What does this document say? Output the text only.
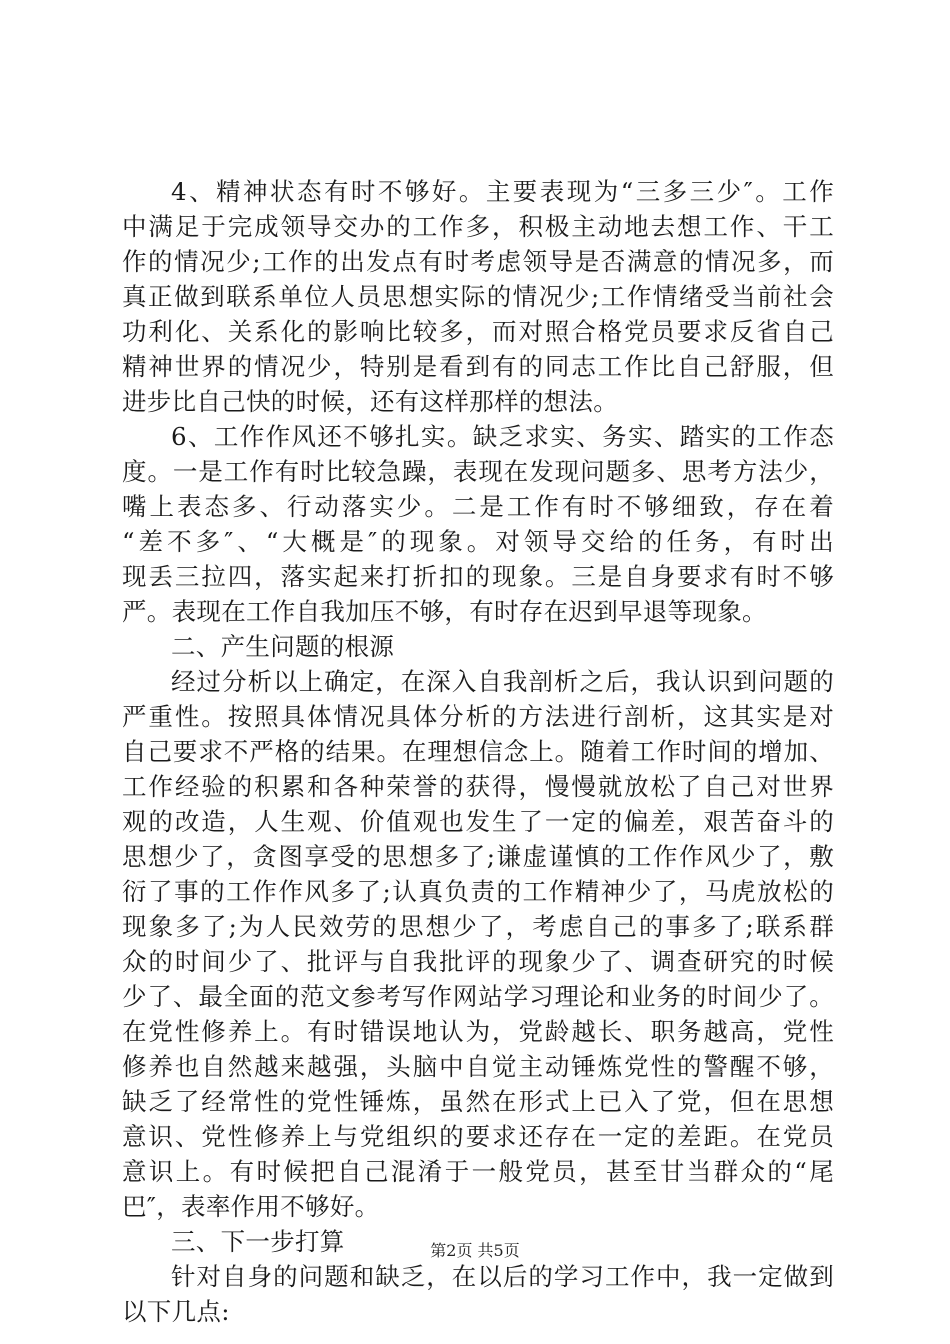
4、精神状态有时不够好。主要表现为“三多三少″。工作
中满足于完成领导交办的工作多，积极主动地去想工作、干工
作的情况少;工作的出发点有时考虑领导是否满意的情况多，而
真正做到联系单位人员思想实际的情况少;工作情绪受当前社会
功利化、关系化的影响比较多，而对照合格党员要求反省自己
精神世界的情况少，特别是看到有的同志工作比自己舒服，但
进步比自己快的时候，还有这样那样的想法。
6、工作作风还不够扎实。缺乏求实、务实、踏实的工作态
度。一是工作有时比较急躁，表现在发现问题多、思考方法少，
嘴上表态多、行动落实少。二是工作有时不够细致，存在着
“差不多″、“大概是″的现象。对领导交给的任务，有时出
现丢三拉四，落实起来打折扣的现象。三是自身要求有时不够
严。表现在工作自我加压不够，有时存在迟到早退等现象。
二、产生问题的根源
经过分析以上确定，在深入自我剖析之后，我认识到问题的
严重性。按照具体情况具体分析的方法进行剖析，这其实是对
自己要求不严格的结果。在理想信念上。随着工作时间的增加、
工作经验的积累和各种荣誉的获得，慢慢就放松了自己对世界
观的改造，人生观、价值观也发生了一定的偏差，艰苦奋斗的
思想少了，贪图享受的思想多了;谦虚谨慎的工作作风少了，敷
衍了事的工作作风多了;认真负责的工作精神少了，马虎放松的
现象多了;为人民效劳的思想少了，考虑自己的事多了;联系群
众的时间少了、批评与自我批评的现象少了、调查研究的时候
少了、最全面的范文参考写作网站学习理论和业务的时间少了。
在党性修养上。有时错误地认为，党龄越长、职务越高，党性
修养也自然越来越强，头脑中自觉主动锤炼党性的警醒不够，
缺乏了经常性的党性锤炼，虽然在形式上已入了党，但在思想
意识、党性修养上与党组织的要求还存在一定的差距。在党员
意识上。有时候把自己混淆于一般党员，甚至甘当群众的“尾
巴″，表率作用不够好。
三、下一步打算
针对自身的问题和缺乏，在以后的学习工作中，我一定做到
以下几点:
第2页 共5页
